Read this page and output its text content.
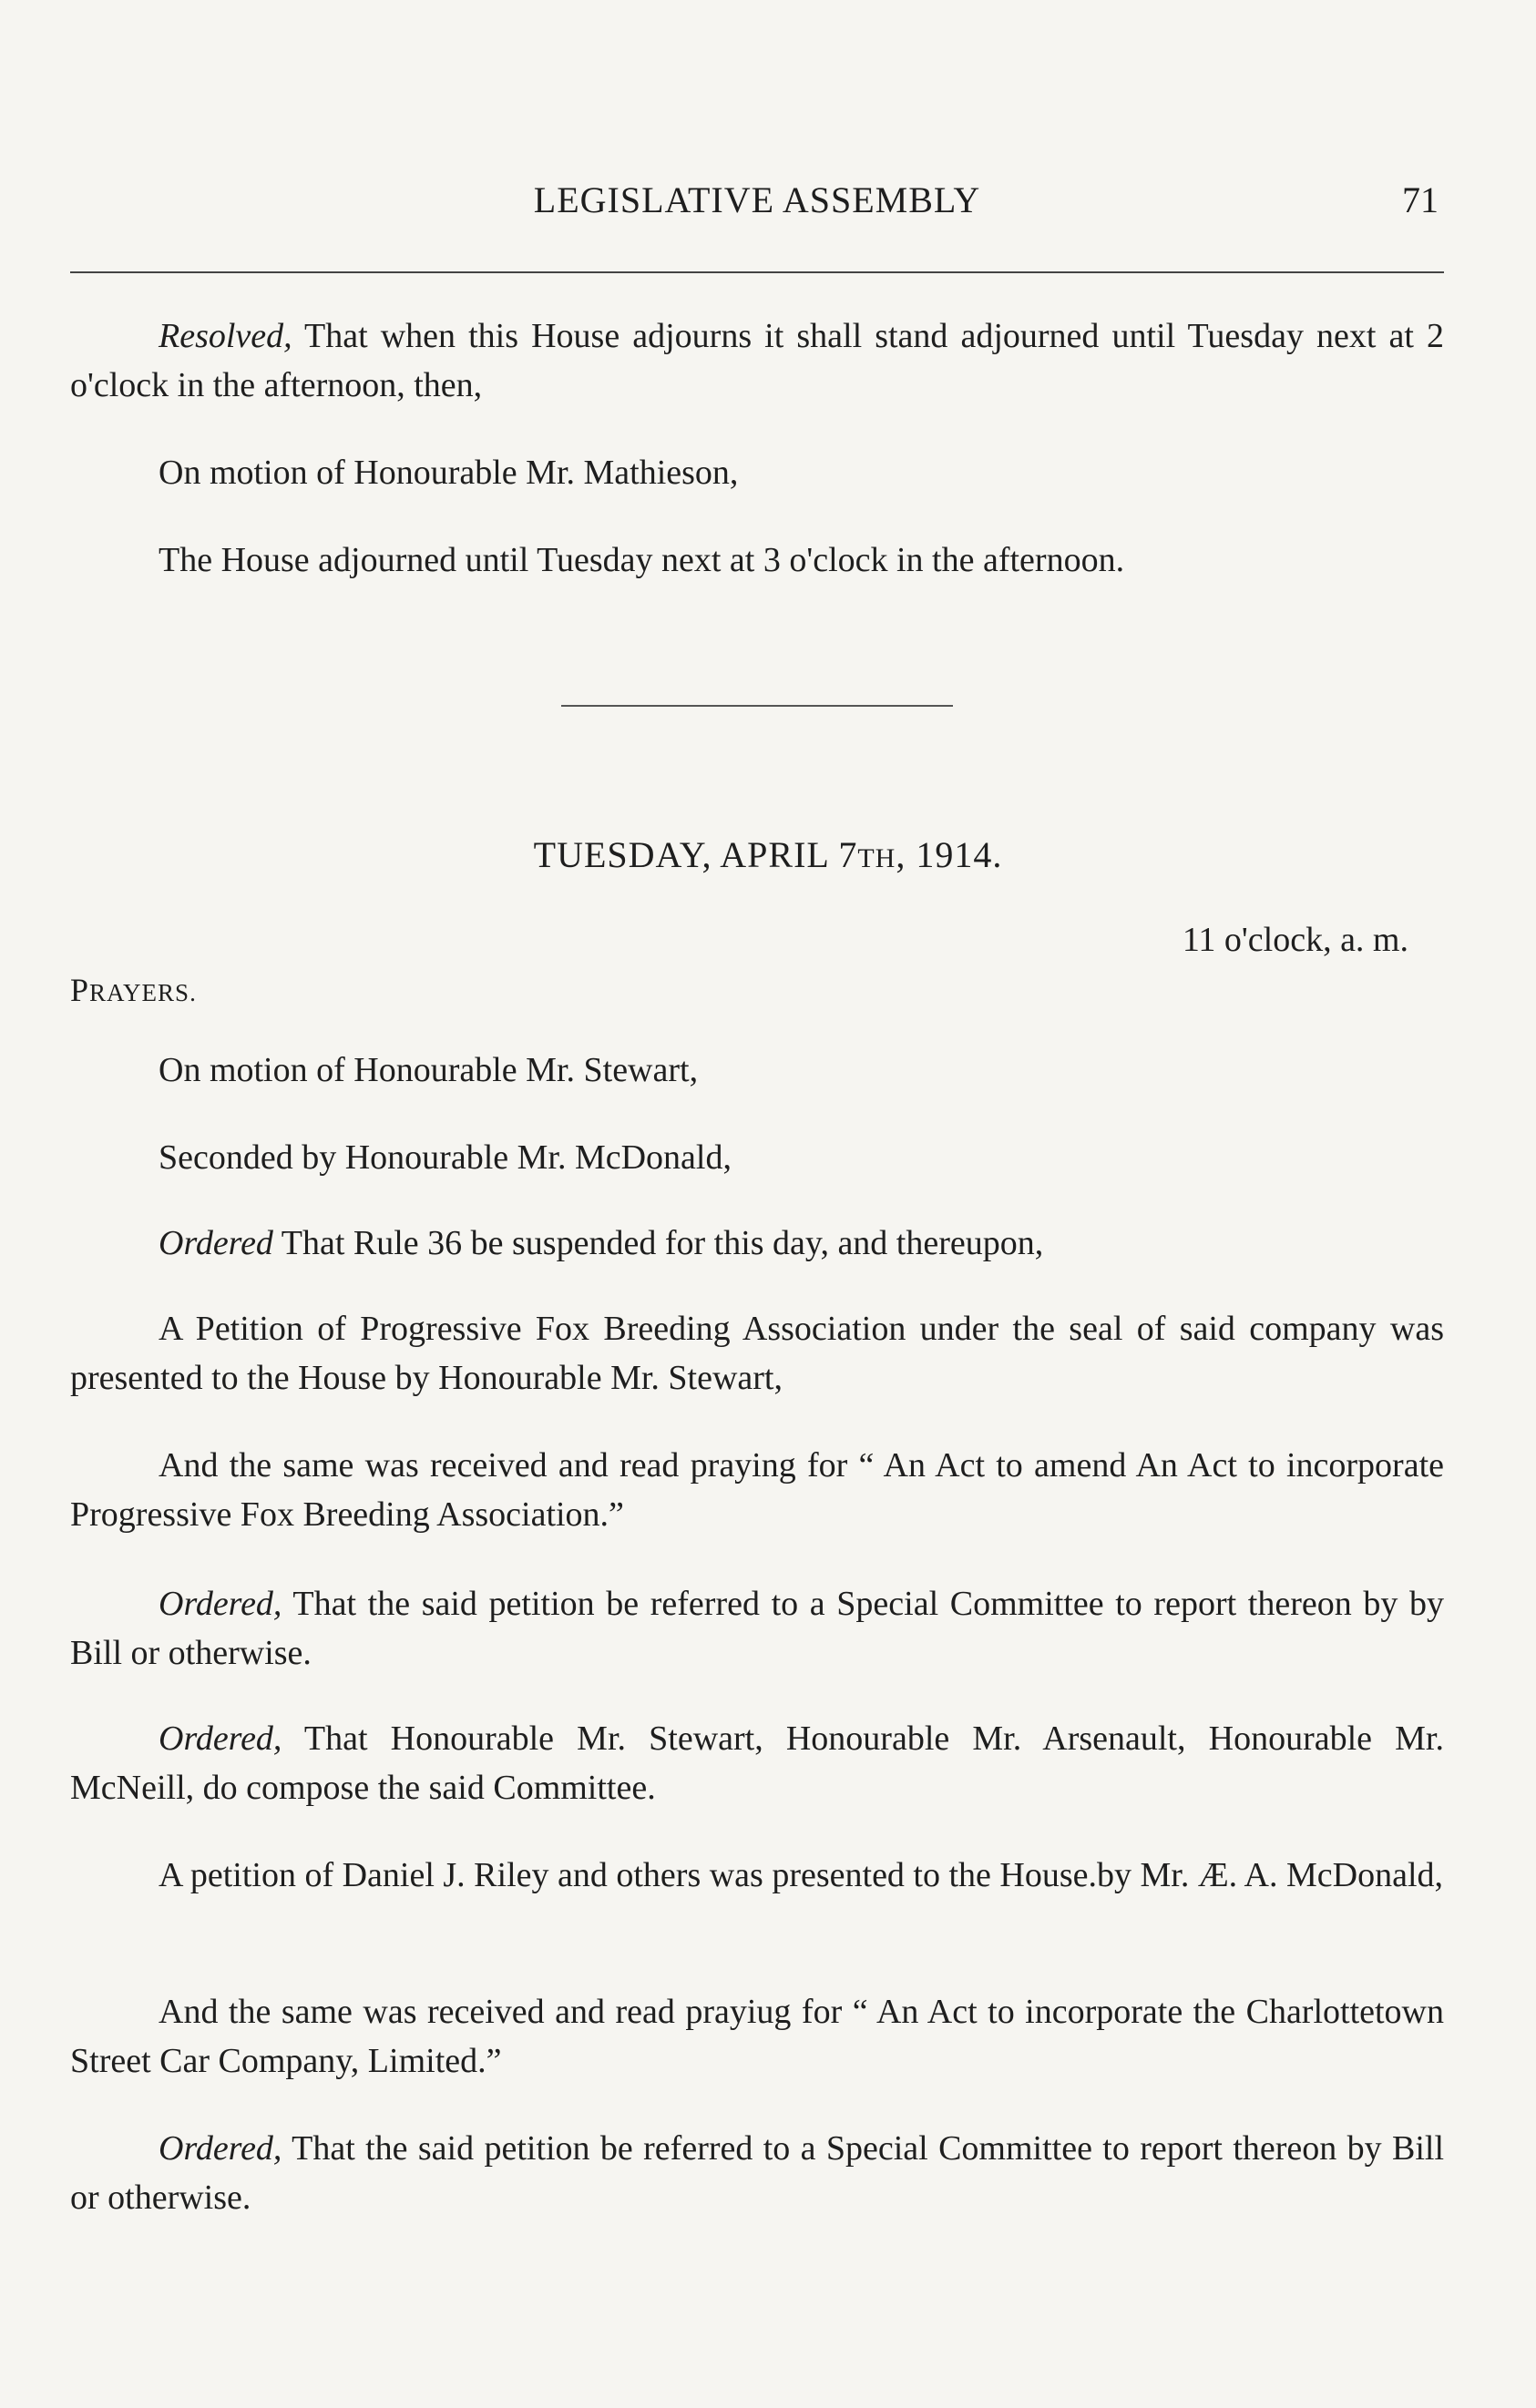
LEGISLATIVE ASSEMBLY	71

Resolved, That when this House adjourns it shall stand adjourned until Tuesday next at 2 o'clock in the afternoon, then,

On motion of Honourable Mr. Mathieson,

The House adjourned until Tuesday next at 3 o'clock in the afternoon.

TUESDAY, APRIL 7TH, 1914.
11 o'clock, a. m.
PRAYERS.

On motion of Honourable Mr. Stewart,

Seconded by Honourable Mr. McDonald,

Ordered That Rule 36 be suspended for this day, and thereupon,

A Petition of Progressive Fox Breeding Association under the seal of said company was presented to the House by Honourable Mr. Stewart,

And the same was received and read praying for “ An Act to amend An Act to incorporate Progressive Fox Breeding Association.”

Ordered, That the said petition be referred to a Special Committee to report thereon by by Bill or otherwise.

Ordered, That Honourable Mr. Stewart, Honourable Mr. Arsenault, Honourable Mr. McNeill, do compose the said Committee.

A petition of Daniel J. Riley and others was presented to the House.by Mr. Æ. A. McDonald,

And the same was received and read prayiug for “ An Act to incorporate the Charlottetown Street Car Company, Limited.”

Ordered, That the said petition be referred to a Special Committee to report thereon by Bill or otherwise.
